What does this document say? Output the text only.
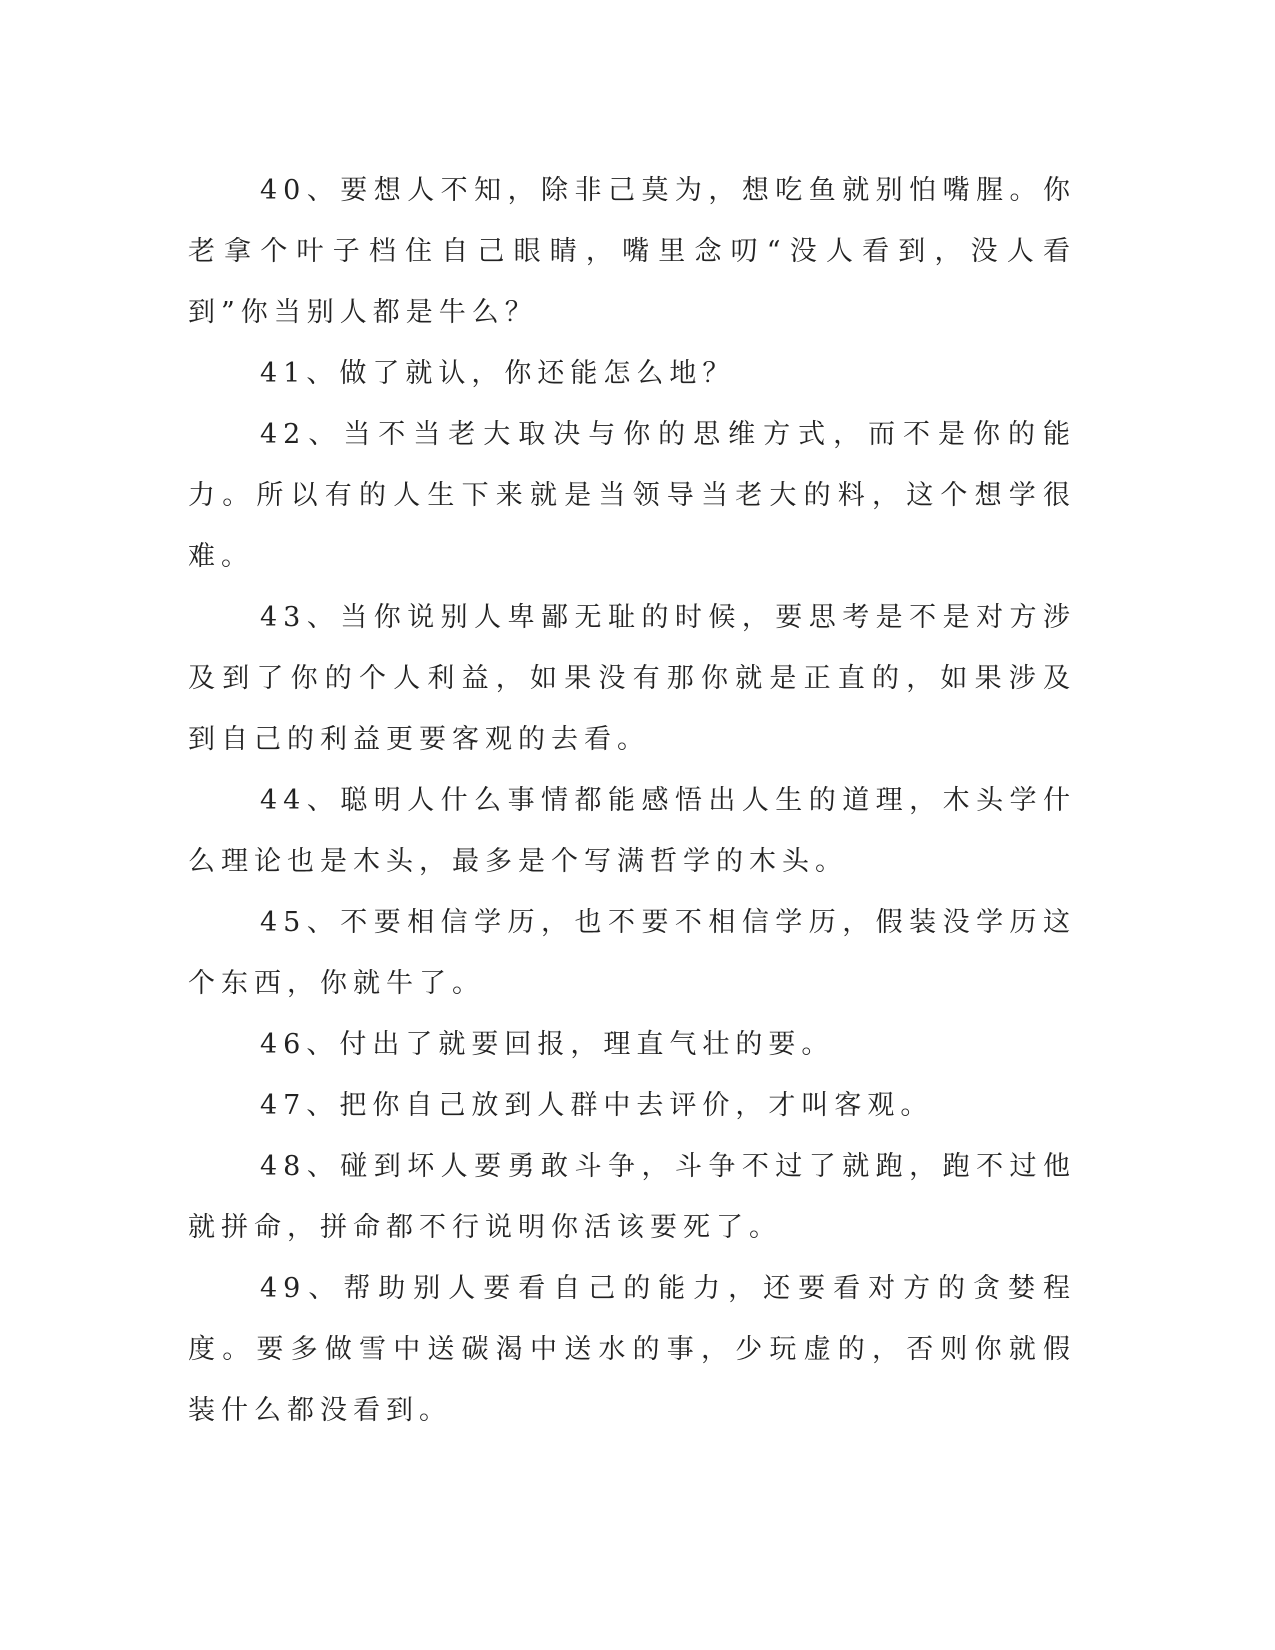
40、要想人不知，除非己莫为，想吃鱼就别怕嘴腥。你老拿个叶子档住自己眼睛，嘴里念叨“没人看到，没人看到”你当别人都是牛么？

41、做了就认，你还能怎么地？

42、当不当老大取决与你的思维方式，而不是你的能力。所以有的人生下来就是当领导当老大的料，这个想学很难。

43、当你说别人卑鄙无耻的时候，要思考是不是对方涉及到了你的个人利益，如果没有那你就是正直的，如果涉及到自己的利益更要客观的去看。

44、聪明人什么事情都能感悟出人生的道理，木头学什么理论也是木头，最多是个写满哲学的木头。

45、不要相信学历，也不要不相信学历，假装没学历这个东西，你就牛了。

46、付出了就要回报，理直气壮的要。

47、把你自己放到人群中去评价，才叫客观。

48、碰到坏人要勇敢斗争，斗争不过了就跑，跑不过他就拼命，拼命都不行说明你活该要死了。

49、帮助别人要看自己的能力，还要看对方的贪婪程度。要多做雪中送碳渴中送水的事，少玩虚的，否则你就假装什么都没看到。
